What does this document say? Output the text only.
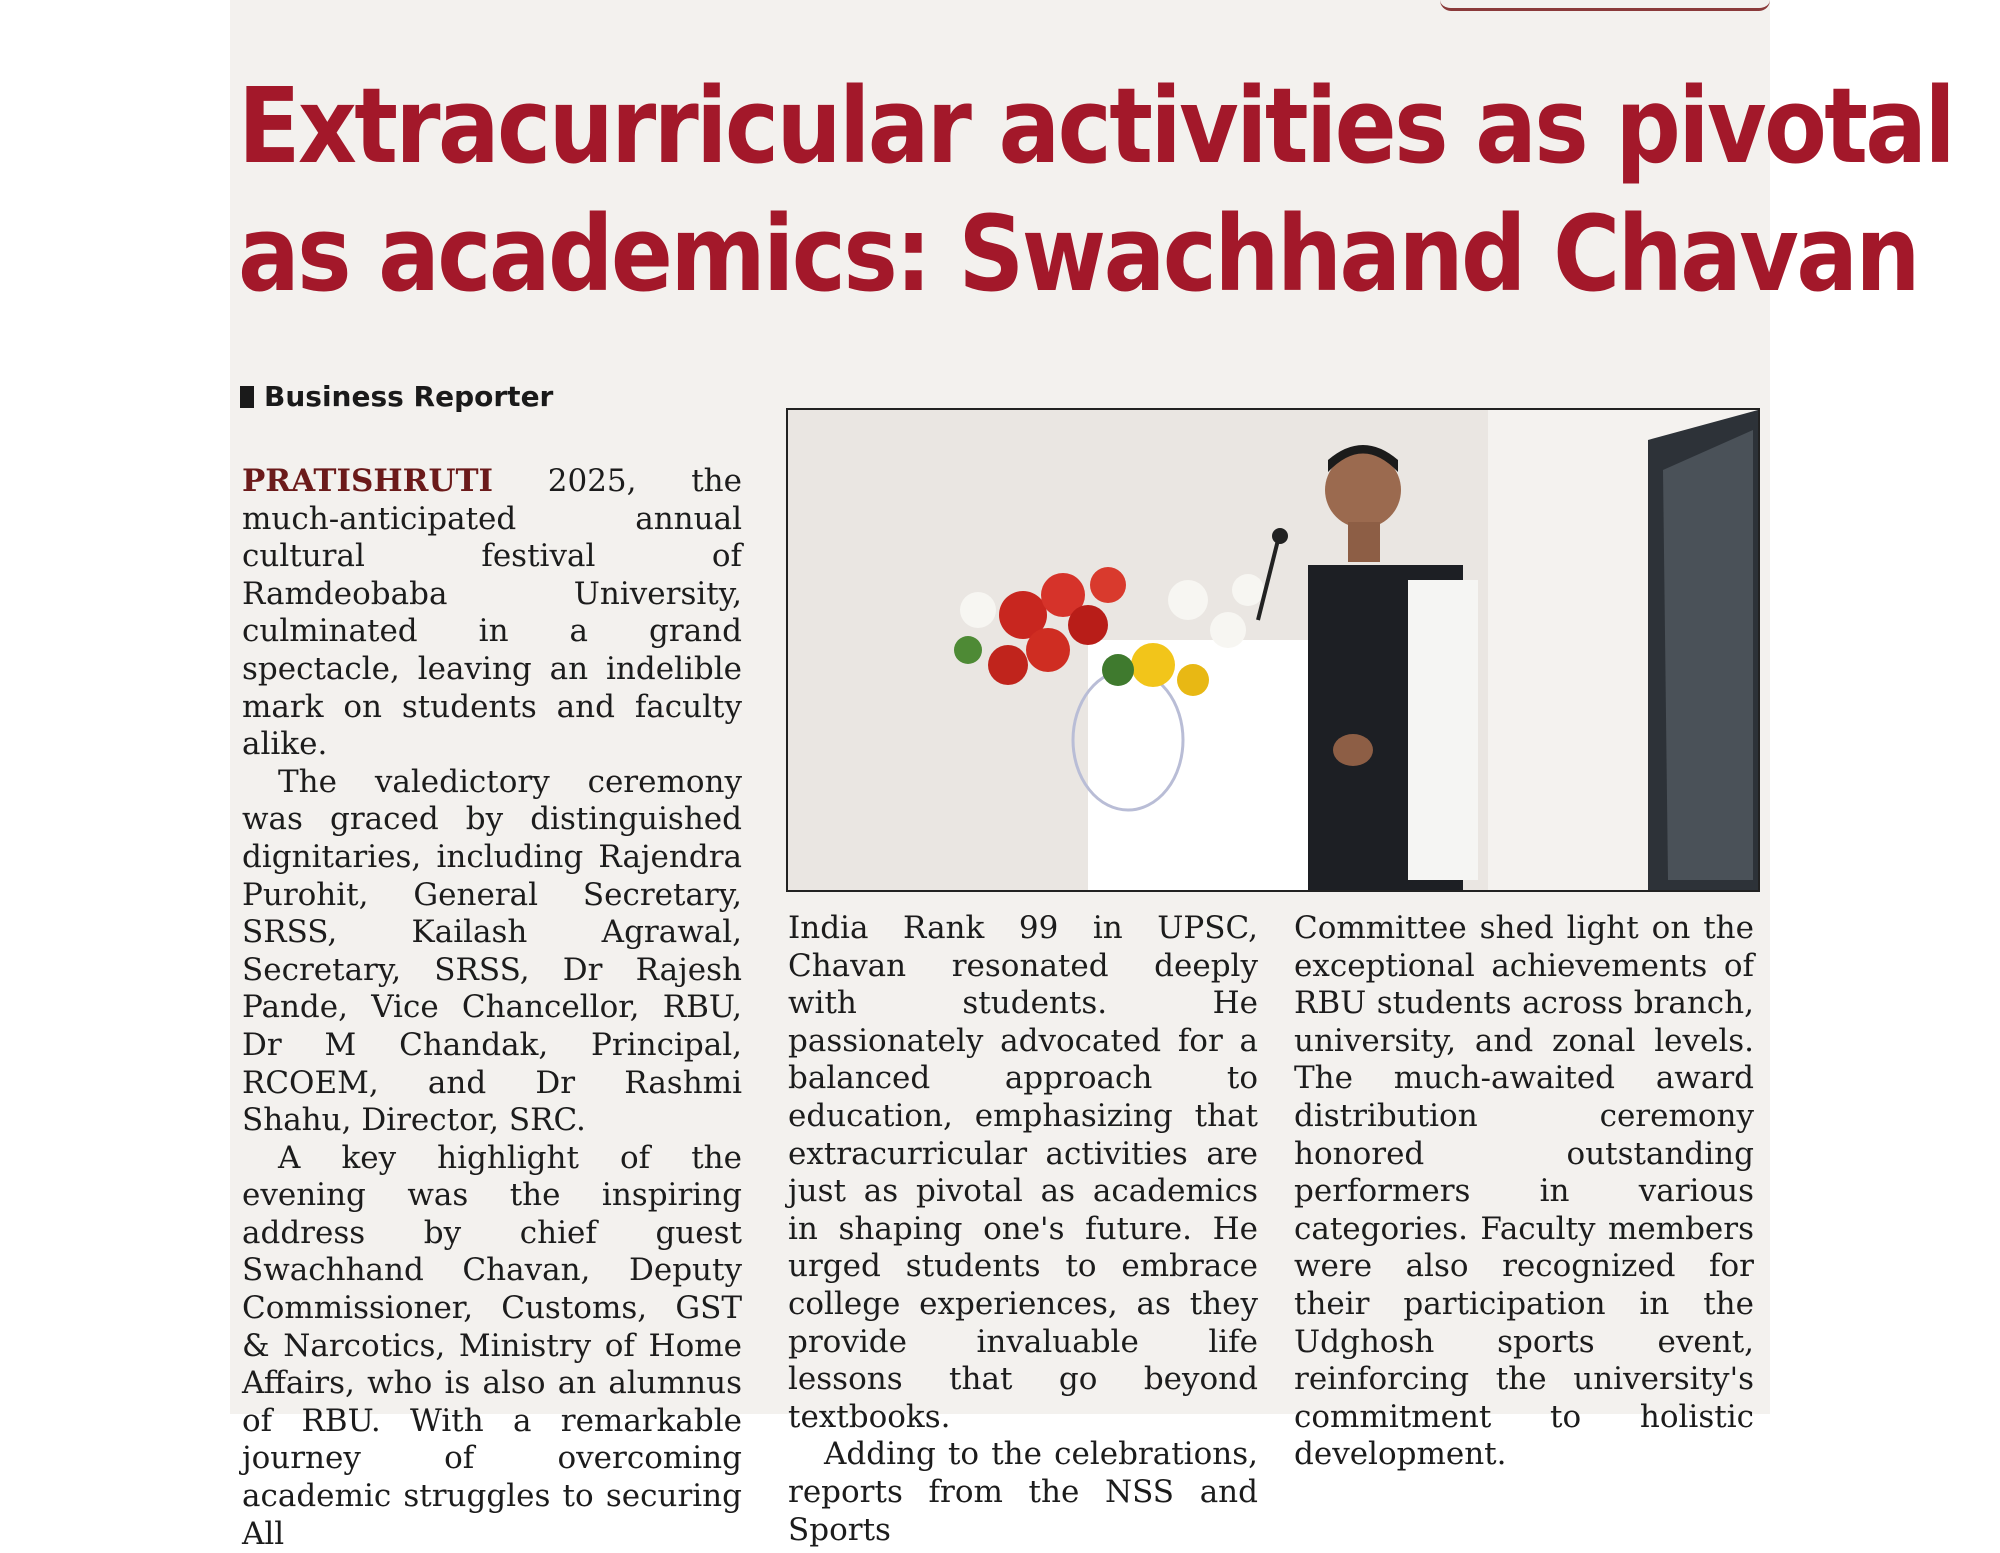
Extracurricular activities as pivotal
as academics: Swachhand Chavan
Business Reporter

PRATISHRUTI 2025, the much-anticipated annual cultural festival of Ramdeobaba University, culminated in a grand spectacle, leaving an indelible mark on students and faculty alike.

The valedictory ceremony was graced by distinguished dignitaries, including Rajendra Purohit, General Secretary, SRSS, Kailash Agrawal, Secretary, SRSS, Dr Rajesh Pande, Vice Chancellor, RBU, Dr M Chandak, Principal, RCOEM, and Dr Rashmi Shahu, Director, SRC.

A key highlight of the evening was the inspiring address by chief guest Swachhand Chavan, Deputy Commissioner, Customs, GST & Narcotics, Ministry of Home Affairs, who is also an alumnus of RBU. With a remarkable journey of overcoming academic struggles to securing All

India Rank 99 in UPSC, Chavan resonated deeply with students. He passionately advocated for a balanced approach to education, emphasizing that extracurricular activities are just as pivotal as academics in shaping one's future. He urged students to embrace college experiences, as they provide invaluable life lessons that go beyond textbooks.

Adding to the celebrations, reports from the NSS and Sports

Committee shed light on the exceptional achievements of RBU students across branch, university, and zonal levels. The much-awaited award distribution ceremony honored outstanding performers in various categories. Faculty members were also recognized for their participation in the Udghosh sports event, reinforcing the university's commitment to holistic development.
